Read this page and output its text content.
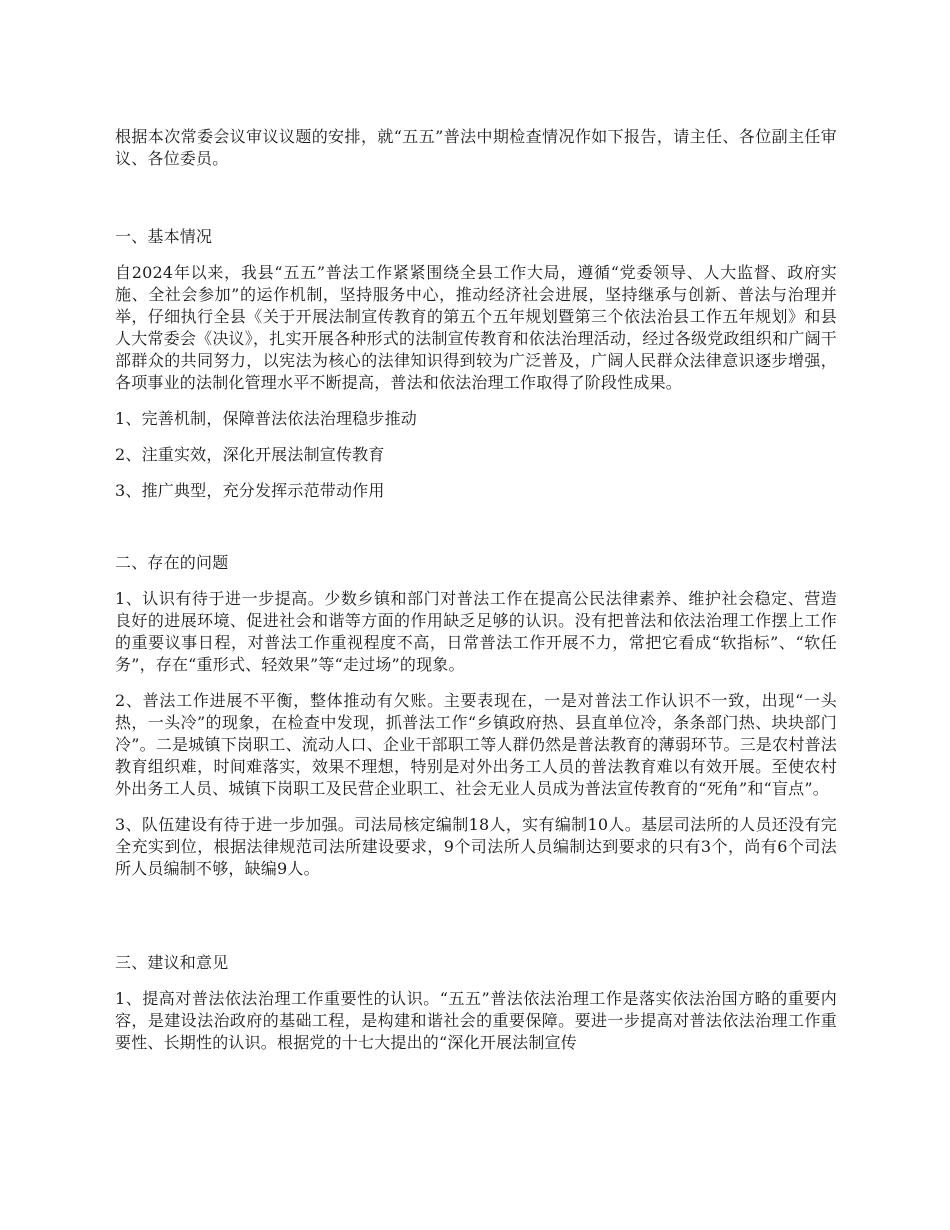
根据本次常委会议审议议题的安排，就“五五”普法中期检查情况作如下报告，请主任、各位副主任审议、各位委员。

一、基本情况

自2024年以来，我县“五五”普法工作紧紧围绕全县工作大局，遵循“党委领导、人大监督、政府实施、全社会参加”的运作机制，坚持服务中心，推动经济社会进展，坚持继承与创新、普法与治理并举，仔细执行全县《关于开展法制宣传教育的第五个五年规划暨第三个依法治县工作五年规划》和县人大常委会《决议》，扎实开展各种形式的法制宣传教育和依法治理活动，经过各级党政组织和广阔干部群众的共同努力，以宪法为核心的法律知识得到较为广泛普及，广阔人民群众法律意识逐步增强，各项事业的法制化管理水平不断提高，普法和依法治理工作取得了阶段性成果。

1、完善机制，保障普法依法治理稳步推动

2、注重实效，深化开展法制宣传教育

3、推广典型，充分发挥示范带动作用

二、存在的问题

1、认识有待于进一步提高。少数乡镇和部门对普法工作在提高公民法律素养、维护社会稳定、营造良好的进展环境、促进社会和谐等方面的作用缺乏足够的认识。没有把普法和依法治理工作摆上工作的重要议事日程，对普法工作重视程度不高，日常普法工作开展不力，常把它看成“软指标”、“软任务”，存在“重形式、轻效果”等“走过场”的现象。

2、普法工作进展不平衡，整体推动有欠账。主要表现在，一是对普法工作认识不一致，出现“一头热，一头冷”的现象，在检查中发现，抓普法工作“乡镇政府热、县直单位冷，条条部门热、块块部门冷”。二是城镇下岗职工、流动人口、企业干部职工等人群仍然是普法教育的薄弱环节。三是农村普法教育组织难，时间难落实，效果不理想，特别是对外出务工人员的普法教育难以有效开展。至使农村外出务工人员、城镇下岗职工及民营企业职工、社会无业人员成为普法宣传教育的“死角”和“盲点”。

3、队伍建设有待于进一步加强。司法局核定编制18人，实有编制10人。基层司法所的人员还没有完全充实到位，根据法律规范司法所建设要求，9个司法所人员编制达到要求的只有3个，尚有6个司法所人员编制不够，缺编9人。

三、建议和意见

1、提高对普法依法治理工作重要性的认识。“五五”普法依法治理工作是落实依法治国方略的重要内容，是建设法治政府的基础工程，是构建和谐社会的重要保障。要进一步提高对普法依法治理工作重要性、长期性的认识。根据党的十七大提出的“深化开展法制宣传
